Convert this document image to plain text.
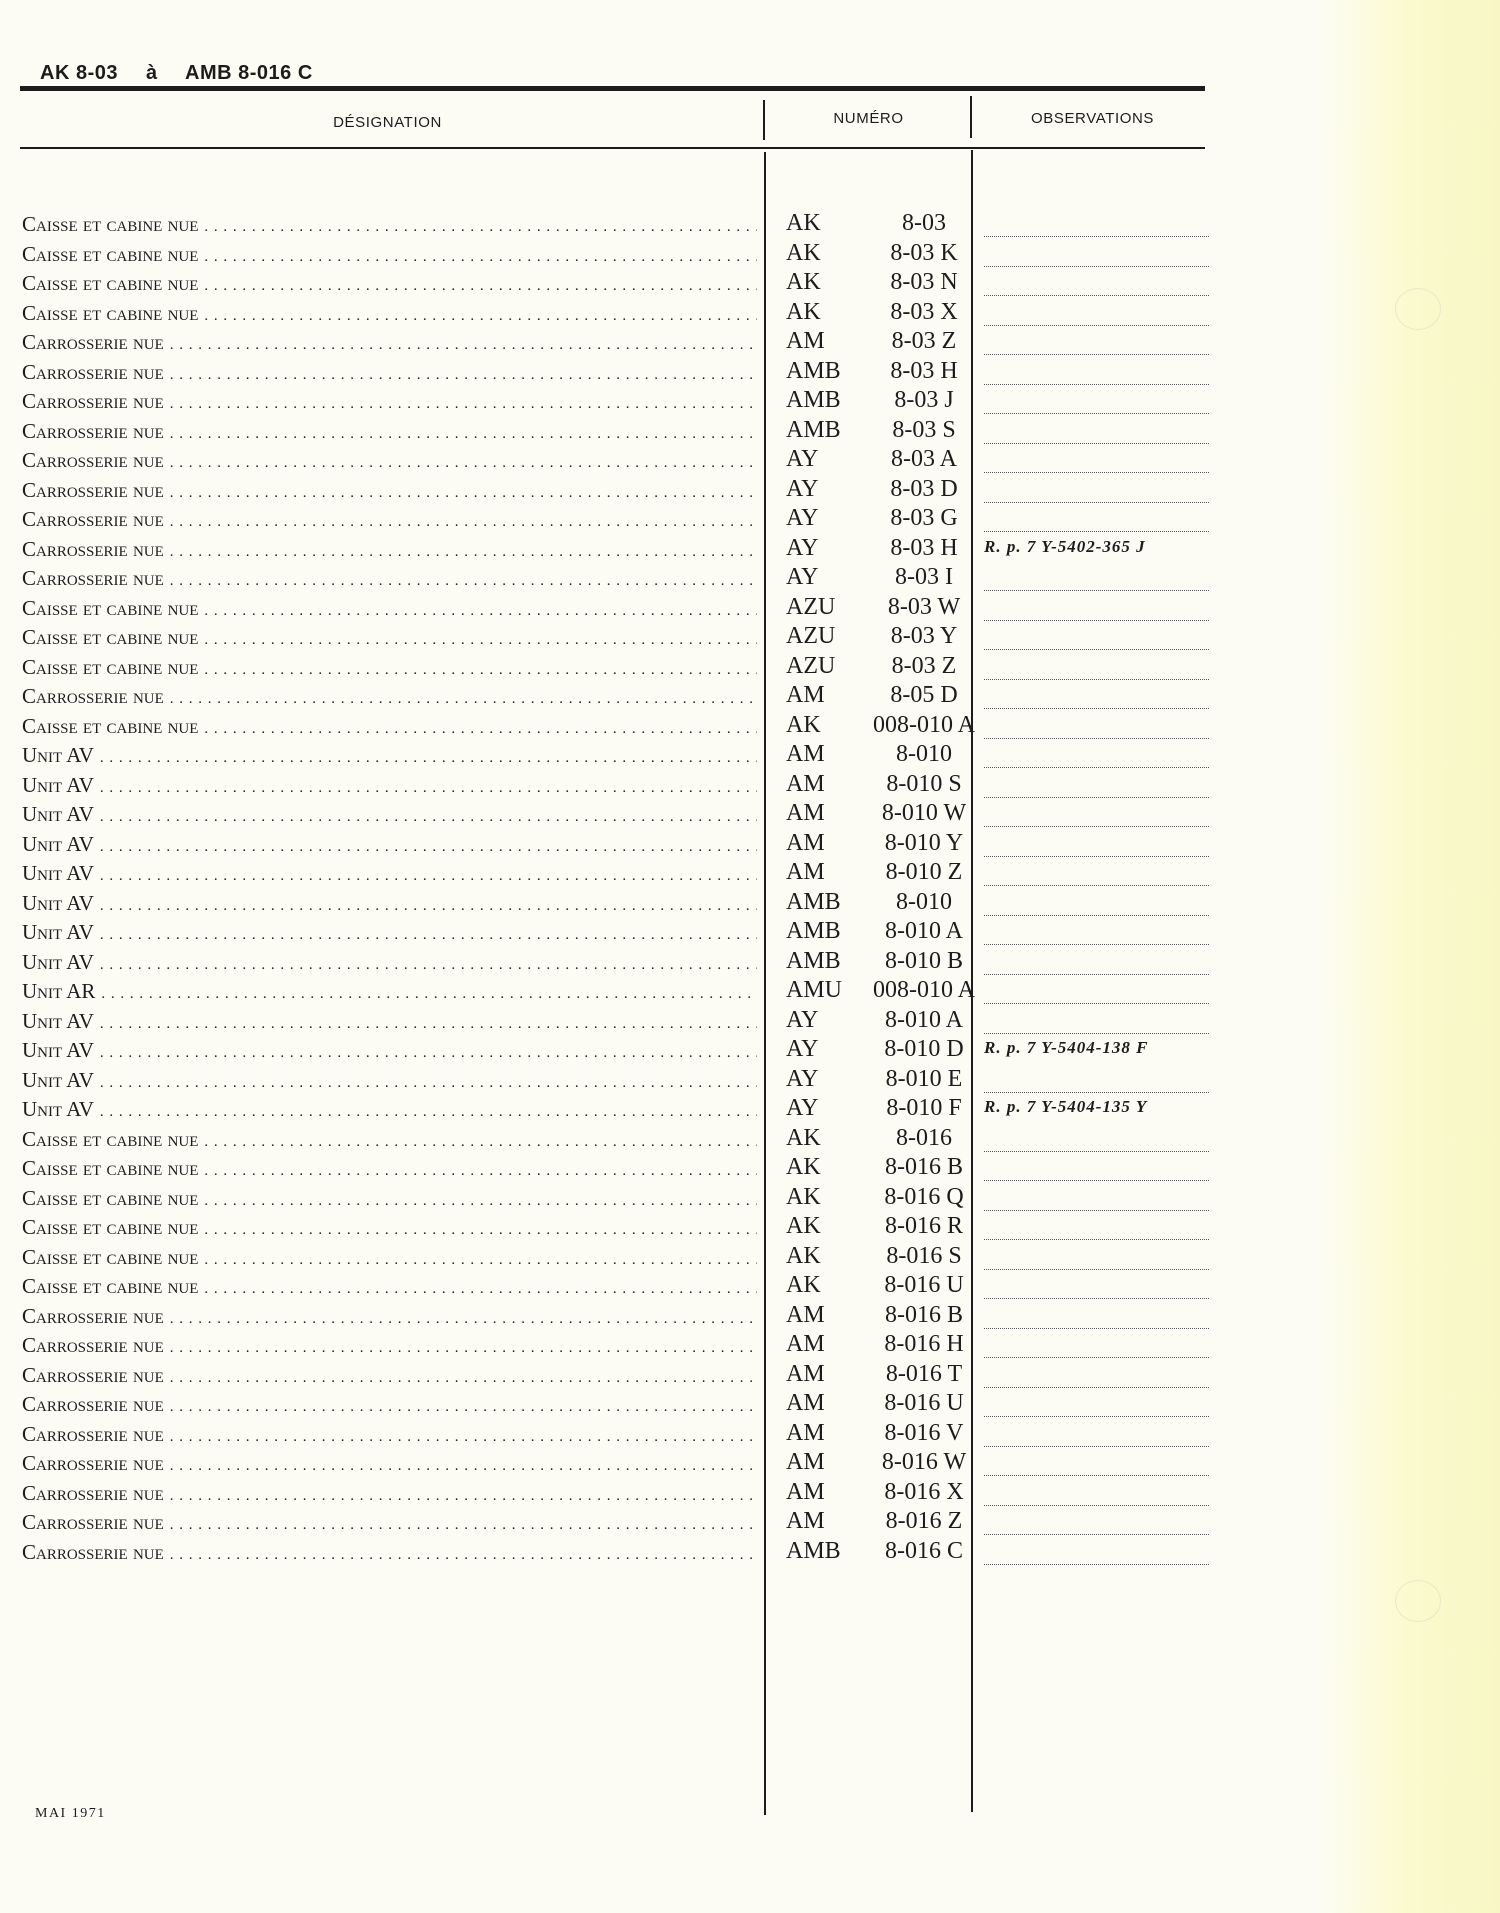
AK 8-03 à AMB 8-016 C
DÉSIGNATION	NUMÉRO	OBSERVATIONS
Caisse et cabine nue . . .	AK	8-03
Caisse et cabine nue . . .	AK	8-03 K
Caisse et cabine nue . . .	AK	8-03 N
Caisse et cabine nue . . .	AK	8-03 X
Carrosserie nue . . .	AM	8-03 Z
Carrosserie nue . . .	AMB	8-03 H
Carrosserie nue . . .	AMB	8-03 J
Carrosserie nue . . .	AMB	8-03 S
Carrosserie nue . . .	AY	8-03 A
Carrosserie nue . . .	AY	8-03 D
Carrosserie nue . . .	AY	8-03 G
Carrosserie nue . . .	AY	8-03 H	R. p. 7 Y-5402-365 J
Carrosserie nue . . .	AY	8-03 I
Caisse et cabine nue . . .	AZU	8-03 W
Caisse et cabine nue . . .	AZU	8-03 Y
Caisse et cabine nue . . .	AZU	8-03 Z
Carrosserie nue . . .	AM	8-05 D
Caisse et cabine nue . . .	AK	008-010 A
Unit AV . . .	AM	8-010
Unit AV . . .	AM	8-010 S
Unit AV . . .	AM	8-010 W
Unit AV . . .	AM	8-010 Y
Unit AV . . .	AM	8-010 Z
Unit AV . . .	AMB	8-010
Unit AV . . .	AMB	8-010 A
Unit AV . . .	AMB	8-010 B
Unit AR . . .	AMU	008-010 A
Unit AV . . .	AY	8-010 A
Unit AV . . .	AY	8-010 D	R. p. 7 Y-5404-138 F
Unit AV . . .	AY	8-010 E
Unit AV . . .	AY	8-010 F	R. p. 7 Y-5404-135 Y
Caisse et cabine nue . . .	AK	8-016
Caisse et cabine nue . . .	AK	8-016 B
Caisse et cabine nue . . .	AK	8-016 Q
Caisse et cabine nue . . .	AK	8-016 R
Caisse et cabine nue . . .	AK	8-016 S
Caisse et cabine nue . . .	AK	8-016 U
Carrosserie nue . . .	AM	8-016 B
Carrosserie nue . . .	AM	8-016 H
Carrosserie nue . . .	AM	8-016 T
Carrosserie nue . . .	AM	8-016 U
Carrosserie nue . . .	AM	8-016 V
Carrosserie nue . . .	AM	8-016 W
Carrosserie nue . . .	AM	8-016 X
Carrosserie nue . . .	AM	8-016 Z
Carrosserie nue . . .	AMB	8-016 C
MAI 1971
